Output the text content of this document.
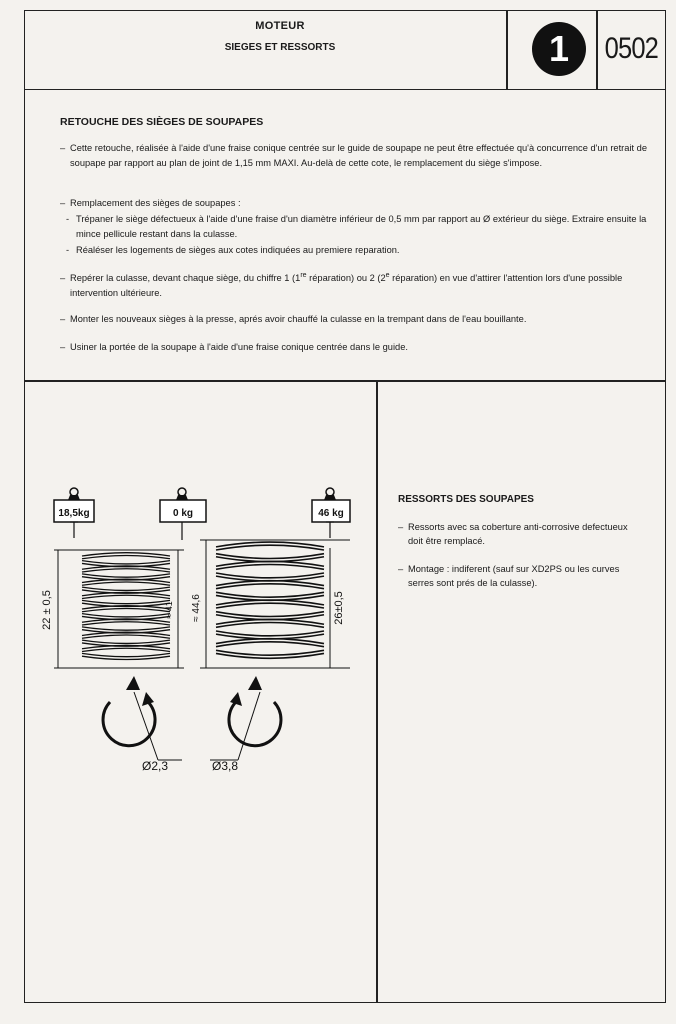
MOTEUR
SIEGES ET RESSORTS	1	0502
RETOUCHE DES SIÈGES DE SOUPAPES
– Cette retouche, réalisée à l'aide d'une fraise conique centrée sur le guide de soupape ne peut être effectuée qu'à concurrence d'un retrait de soupape par rapport au plan de joint de 1,15 mm MAXI. Au-delà de cette cote, le remplacement du siège s'impose.
– Remplacement des sièges de soupapes :
- Trépaner le siège défectueux à l'aide d'une fraise d'un diamètre inférieur de 0,5 mm par rapport au Ø extérieur du siège. Extraire ensuite la mince pellicule restant dans la culasse.
- Réaléser les logements de sièges aux cotes indiquées au premiere reparation.
– Repérer la culasse, devant chaque siège, du chiffre 1 (1re réparation) ou 2 (2e réparation) en vue d'attirer l'attention lors d'une possible intervention ultérieure.
– Monter les nouveaux sièges à la presse, aprés avoir chauffé la culasse en la trempant dans de l'eau bouillante.
– Usiner la portée de la soupape à l'aide d'une fraise conique centrée dans le guide.
18,5kg
22 ± 0,5	≈ 41
0 kg	46 kg
≈ 44,6	26±0,5
Ø2,3	Ø3,8
RESSORTS DES SOUPAPES
– Ressorts avec sa coberture anti-corrosive defectueux doit être remplacé.
– Montage : indiferent (sauf sur XD2PS ou les curves serres sont prés de la culasse).
